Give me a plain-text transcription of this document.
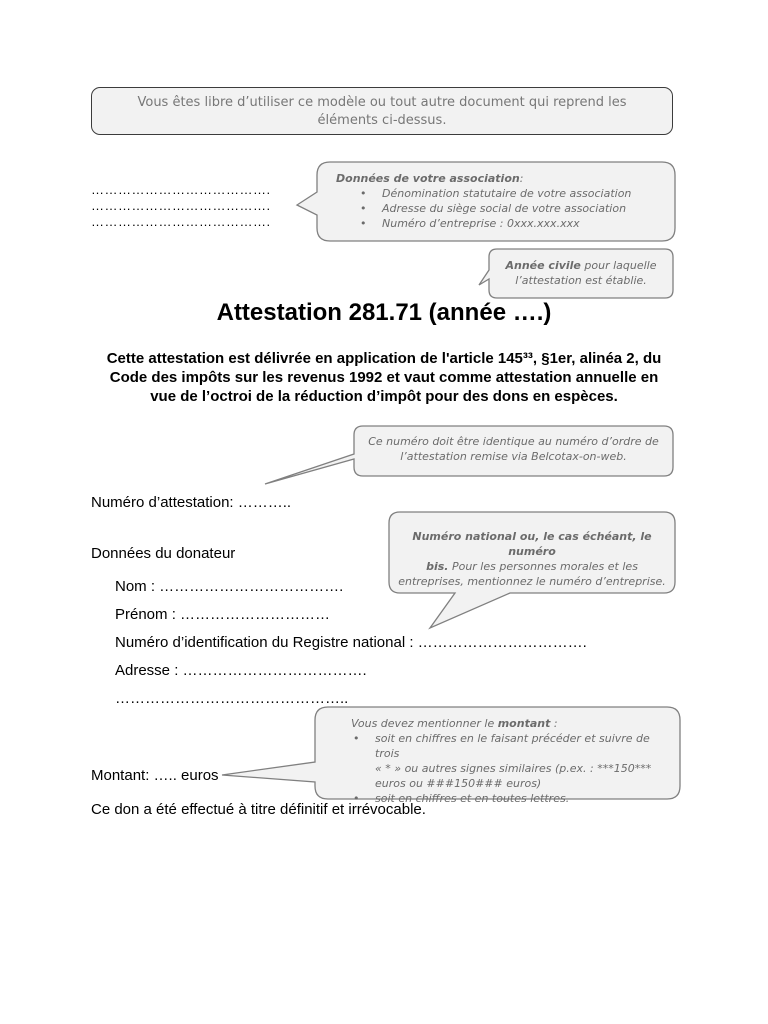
Vous êtes libre d’utiliser ce modèle ou tout autre document qui reprend les éléments ci-dessus.
………………………………….
………………………………….
………………………………….
Données de votre association:
• Dénomination statutaire de votre association
• Adresse du siège social de votre association
• Numéro d’entreprise : 0xxx.xxx.xxx
Année civile pour laquelle
l’attestation est établie.
Attestation 281.71 (année ….)
Cette attestation est délivrée en application de l'article 145³³, §1er, alinéa 2, du
Code des impôts sur les revenus 1992 et vaut comme attestation annuelle en
vue de l’octroi de la réduction d’impôt pour des dons en espèces.
Ce numéro doit être identique au numéro d’ordre de
l’attestation remise via Belcotax-on-web.
Numéro d’attestation: ………..
Données du donateur
Numéro national ou, le cas échéant, le numéro
bis. Pour les personnes morales et les
entreprises, mentionnez le numéro d’entreprise.
Nom : ……………………………….
Prénom : …………………………
Numéro d’identification du Registre national : …………………………….
Adresse : ……………………………….
………………………………………..
Vous devez mentionner le montant :
• soit en chiffres en le faisant précéder et suivre de trois
« * » ou autres signes similaires (p.ex. : ***150***
euros ou ###150### euros)
• soit en chiffres et en toutes lettres.
Montant: ….. euros
Ce don a été effectué à titre définitif et irrévocable.
